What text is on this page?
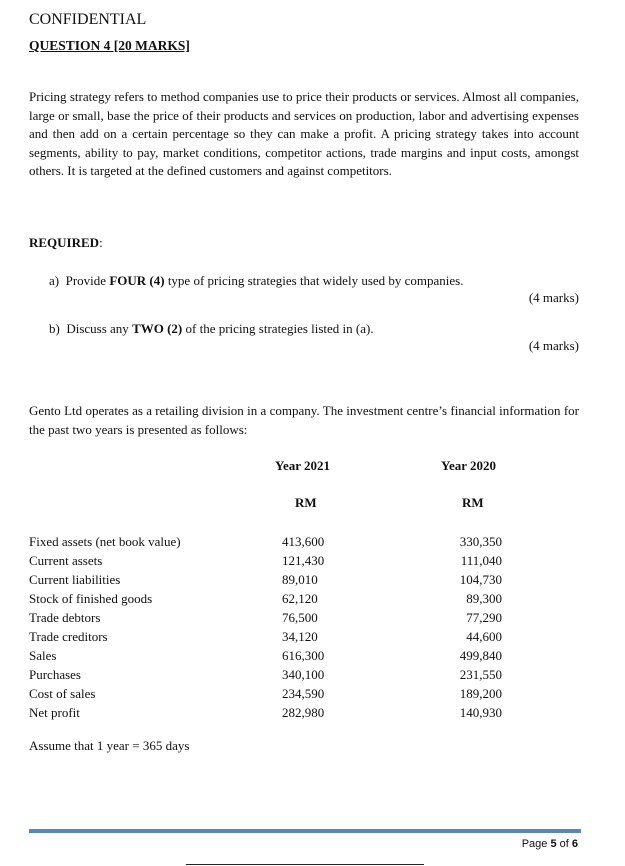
CONFIDENTIAL
QUESTION 4 [20 MARKS]
Pricing strategy refers to method companies use to price their products or services. Almost all companies, large or small, base the price of their products and services on production, labor and advertising expenses and then add on a certain percentage so they can make a profit. A pricing strategy takes into account segments, ability to pay, market conditions, competitor actions, trade margins and input costs, amongst others. It is targeted at the defined customers and against competitors.
REQUIRED:
a) Provide FOUR (4) type of pricing strategies that widely used by companies.
(4 marks)
b) Discuss any TWO (2) of the pricing strategies listed in (a).
(4 marks)
Gento Ltd operates as a retailing division in a company. The investment centre’s financial information for the past two years is presented as follows:
Year 2021	Year 2020
RM	RM
Fixed assets (net book value)	413,600	330,350
Current assets	121,430	111,040
Current liabilities	89,010	104,730
Stock of finished goods	62,120	89,300
Trade debtors	76,500	77,290
Trade creditors	34,120	44,600
Sales	616,300	499,840
Purchases	340,100	231,550
Cost of sales	234,590	189,200
Net profit	282,980	140,930
Assume that 1 year = 365 days
Page 5 of 6
